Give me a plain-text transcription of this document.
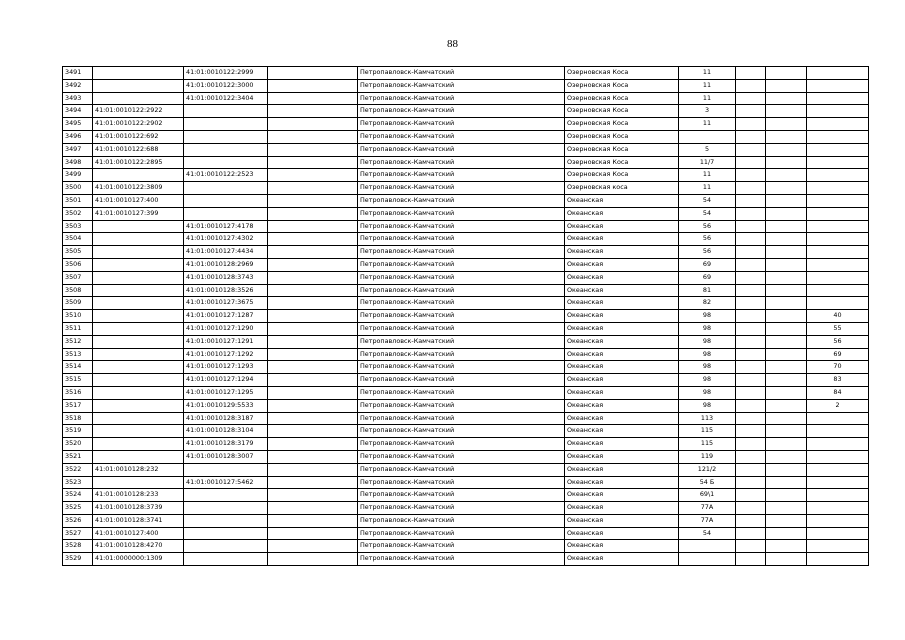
88
3491		41:01:0010122:2999		Петропавловск-Камчатский	Озерновская Коса	11			
3492		41:01:0010122:3000		Петропавловск-Камчатский	Озерновская Коса	11			
3493		41:01:0010122:3404		Петропавловск-Камчатский	Озерновская Коса	11			
3494	41:01:0010122:2922			Петропавловск-Камчатский	Озерновская Коса	3			
3495	41:01:0010122:2902			Петропавловск-Камчатский	Озерновская Коса	11			
3496	41:01:0010122:692			Петропавловск-Камчатский	Озерновская Коса				
3497	41:01:0010122:688			Петропавловск-Камчатский	Озерновская Коса	5			
3498	41:01:0010122:2895			Петропавловск-Камчатский	Озерновская Коса	11/7			
3499		41:01:0010122:2523		Петропавловск-Камчатский	Озерновская Коса	11			
3500	41:01:0010122:3809			Петропавловск-Камчатский	Озерновская коса	11			
3501	41:01:0010127:400			Петропавловск-Камчатский	Океанская	54			
3502	41:01:0010127:399			Петропавловск-Камчатский	Океанская	54			
3503		41:01:0010127:4178		Петропавловск-Камчатский	Океанская	56			
3504		41:01:0010127:4302		Петропавловск-Камчатский	Океанская	56			
3505		41:01:0010127:4434		Петропавловск-Камчатский	Океанская	56			
3506		41:01:0010128:2969		Петропавловск-Камчатский	Океанская	69			
3507		41:01:0010128:3743		Петропавловск-Камчатский	Океанская	69			
3508		41:01:0010128:3526		Петропавловск-Камчатский	Океанская	81			
3509		41:01:0010127:3675		Петропавловск-Камчатский	Океанская	82			
3510		41:01:0010127:1287		Петропавловск-Камчатский	Океанская	98			40
3511		41:01:0010127:1290		Петропавловск-Камчатский	Океанская	98			55
3512		41:01:0010127:1291		Петропавловск-Камчатский	Океанская	98			56
3513		41:01:0010127:1292		Петропавловск-Камчатский	Океанская	98			69
3514		41:01:0010127:1293		Петропавловск-Камчатский	Океанская	98			70
3515		41:01:0010127:1294		Петропавловск-Камчатский	Океанская	98			83
3516		41:01:0010127:1295		Петропавловск-Камчатский	Океанская	98			84
3517		41:01:0010129:5533		Петропавловск-Камчатский	Океанская	98			2
3518		41:01:0010128:3187		Петропавловск-Камчатский	Океанская	113			
3519		41:01:0010128:3104		Петропавловск-Камчатский	Океанская	115			
3520		41:01:0010128:3179		Петропавловск-Камчатский	Океанская	115			
3521		41:01:0010128:3007		Петропавловск-Камчатский	Океанская	119			
3522	41:01:0010128:232			Петропавловск-Камчатский	Океанская	121/2			
3523		41:01:0010127:5462		Петропавловск-Камчатский	Океанская	54 Б			
3524	41:01:0010128:233			Петропавловск-Камчатский	Океанская	69\1			
3525	41:01:0010128:3739			Петропавловск-Камчатский	Океанская	77А			
3526	41:01:0010128:3741			Петропавловск-Камчатский	Океанская	77А			
3527	41:01:0010127:400			Петропавловск-Камчатский	Океанская	54			
3528	41:01:0010128:4270			Петропавловск-Камчатский	Океанская				
3529	41:01:0000000:1309			Петропавловск-Камчатский	Океанская				
